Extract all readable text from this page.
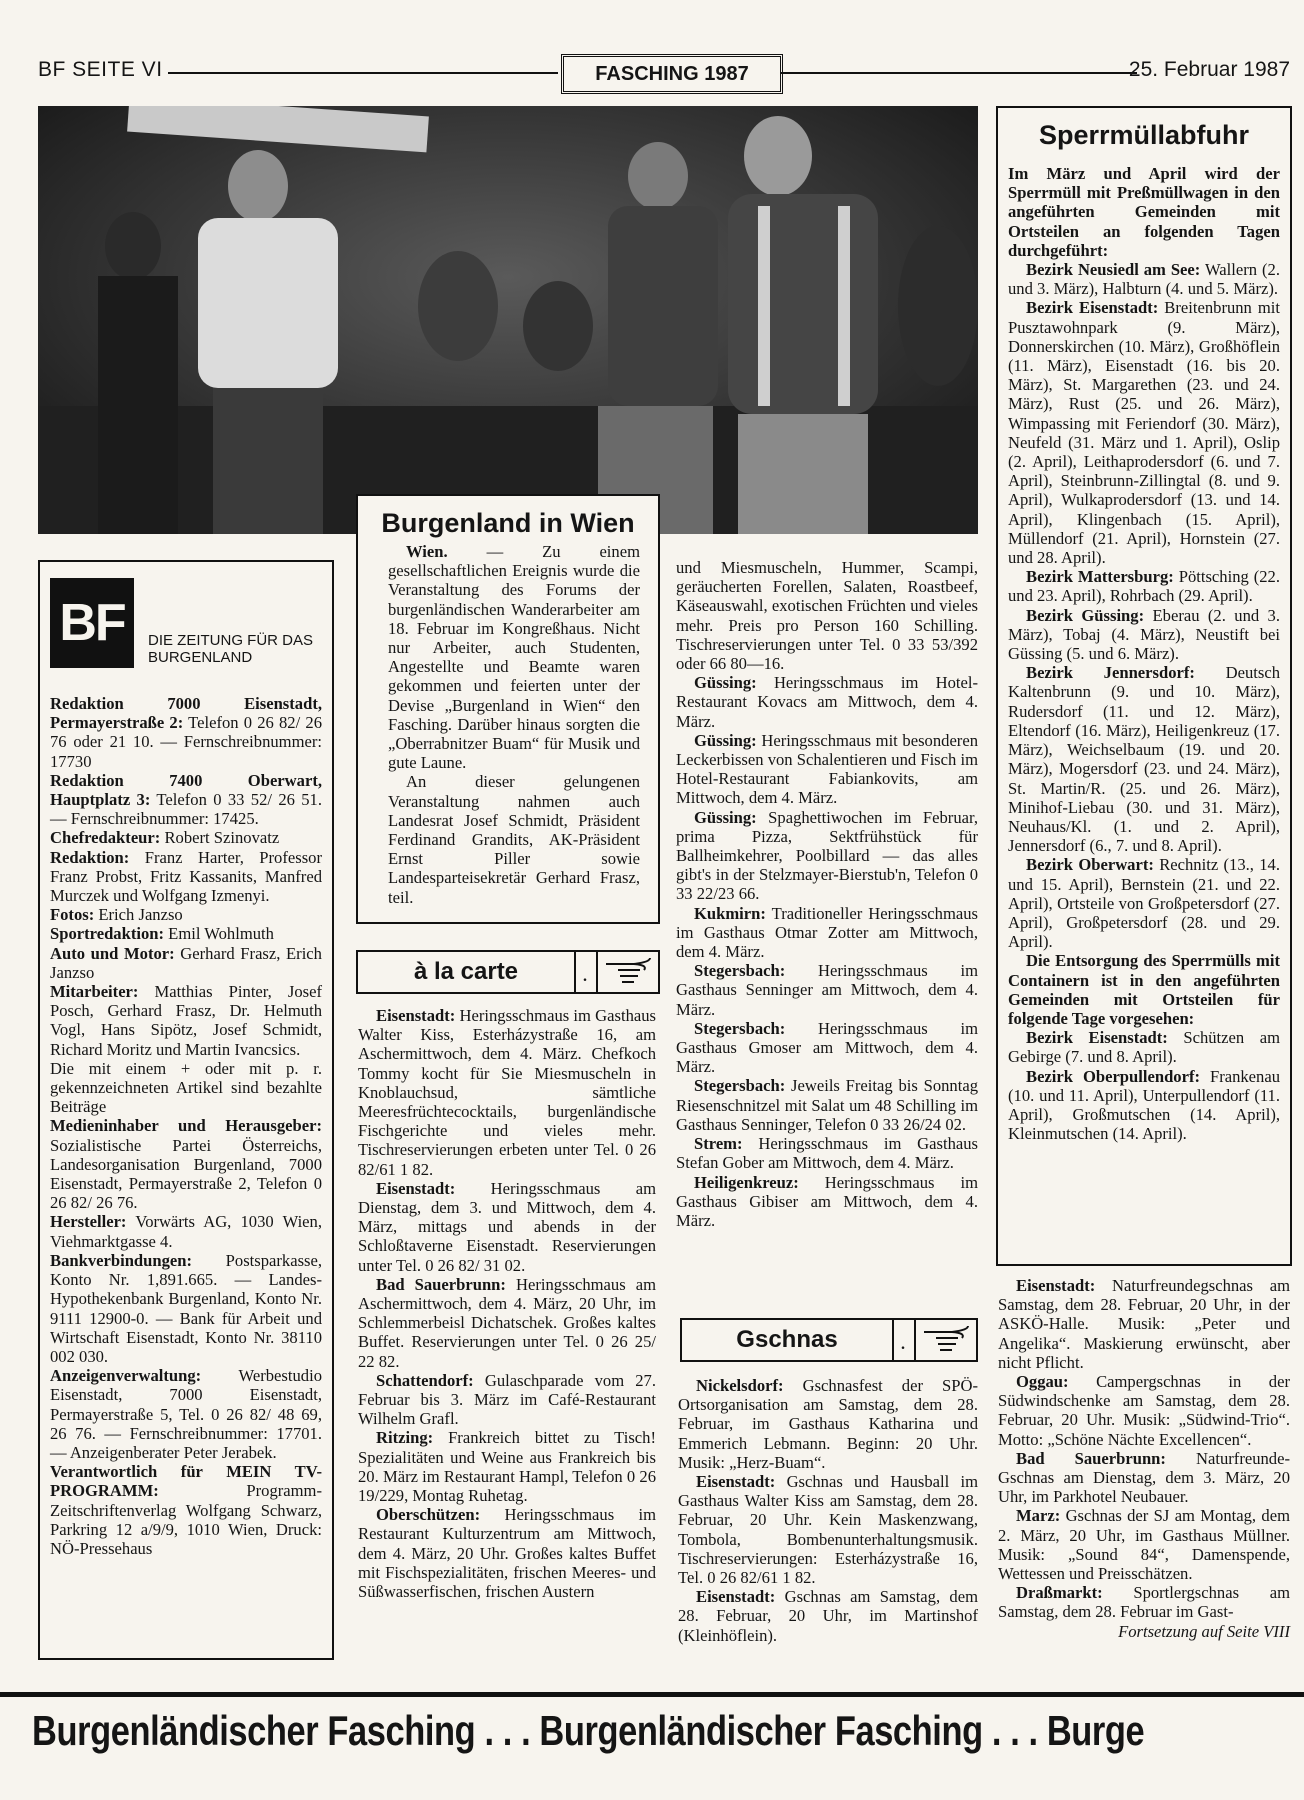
BF SEITE VI	FASCHING 1987	25. Februar 1987
BF	DIE ZEITUNG FÜR DAS BURGENLAND

Redaktion 7000 Eisenstadt, Permayerstraße 2: Telefon 0 26 82/ 26 76 oder 21 10. — Fernschreibnummer: 17730

Redaktion 7400 Oberwart, Hauptplatz 3: Telefon 0 33 52/ 26 51. — Fernschreibnummer: 17425.

Chefredakteur: Robert Szinovatz

Redaktion: Franz Harter, Professor Franz Probst, Fritz Kassanits, Manfred Murczek und Wolfgang Izmenyi.

Fotos: Erich Janzso

Sportredaktion: Emil Wohlmuth

Auto und Motor: Gerhard Frasz, Erich Janzso

Mitarbeiter: Matthias Pinter, Josef Posch, Gerhard Frasz, Dr. Helmuth Vogl, Hans Sipötz, Josef Schmidt, Richard Moritz und Martin Ivancsics.

Die mit einem + oder mit p. r. gekennzeichneten Artikel sind bezahlte Beiträge

Medieninhaber und Herausgeber: Sozialistische Partei Österreichs, Landesorganisation Burgenland, 7000 Eisenstadt, Permayerstraße 2, Telefon 0 26 82/ 26 76.

Hersteller: Vorwärts AG, 1030 Wien, Viehmarktgasse 4.

Bankverbindungen: Postsparkasse, Konto Nr. 1,891.665. — Landes-Hypothekenbank Burgenland, Konto Nr. 9111 12900-0. — Bank für Arbeit und Wirtschaft Eisenstadt, Konto Nr. 38110 002 030.

Anzeigenverwaltung: Werbestudio Eisenstadt, 7000 Eisenstadt, Permayerstraße 5, Tel. 0 26 82/ 48 69, 26 76. — Fernschreibnummer: 17701. — Anzeigenberater Peter Jerabek.

Verantwortlich für MEIN TV-PROGRAMM: Programm-Zeitschriftenverlag Wolfgang Schwarz, Parkring 12 a/9/9, 1010 Wien, Druck: NÖ-Pressehaus

Burgenland in Wien

Wien. — Zu einem gesellschaftlichen Ereignis wurde die Veranstaltung des Forums der burgenländischen Wanderarbeiter am 18. Februar im Kongreßhaus. Nicht nur Arbeiter, auch Studenten, Angestellte und Beamte waren gekommen und feierten unter der Devise „Burgenland in Wien“ den Fasching. Darüber hinaus sorgten die „Oberrabnitzer Buam“ für Musik und gute Laune.

An dieser gelungenen Veranstaltung nahmen auch Landesrat Josef Schmidt, Präsident Ferdinand Grandits, AK-Präsident Ernst Piller sowie Landesparteisekretär Gerhard Frasz, teil.

à la carte	.

Eisenstadt: Heringsschmaus im Gasthaus Walter Kiss, Esterházystraße 16, am Aschermittwoch, dem 4. März. Chefkoch Tommy kocht für Sie Miesmuscheln in Knoblauchsud, sämtliche Meeresfrüchtecocktails, burgenländische Fischgerichte und vieles mehr. Tischreservierungen erbeten unter Tel. 0 26 82/61 1 82.

Eisenstadt: Heringsschmaus am Dienstag, dem 3. und Mittwoch, dem 4. März, mittags und abends in der Schloßtaverne Eisenstadt. Reservierungen unter Tel. 0 26 82/ 31 02.

Bad Sauerbrunn: Heringsschmaus am Aschermittwoch, dem 4. März, 20 Uhr, im Schlemmerbeisl Dichatschek. Großes kaltes Buffet. Reservierungen unter Tel. 0 26 25/ 22 82.

Schattendorf: Gulaschparade vom 27. Februar bis 3. März im Café-Restaurant Wilhelm Grafl.

Ritzing: Frankreich bittet zu Tisch! Spezialitäten und Weine aus Frankreich bis 20. März im Restaurant Hampl, Telefon 0 26 19/229, Montag Ruhetag.

Oberschützen: Heringsschmaus im Restaurant Kulturzentrum am Mittwoch, dem 4. März, 20 Uhr. Großes kaltes Buffet mit Fischspezialitäten, frischen Meeres- und Süßwasserfischen, frischen Austern

und Miesmuscheln, Hummer, Scampi, geräucherten Forellen, Salaten, Roastbeef, Käseauswahl, exotischen Früchten und vieles mehr. Preis pro Person 160 Schilling. Tischreservierungen unter Tel. 0 33 53/392 oder 66 80—16.

Güssing: Heringsschmaus im Hotel-Restaurant Kovacs am Mittwoch, dem 4. März.

Güssing: Heringsschmaus mit besonderen Leckerbissen von Schalentieren und Fisch im Hotel-Restaurant Fabiankovits, am Mittwoch, dem 4. März.

Güssing: Spaghettiwochen im Februar, prima Pizza, Sektfrühstück für Ballheimkehrer, Poolbillard — das alles gibt's in der Stelzmayer-Bierstub'n, Telefon 0 33 22/23 66.

Kukmirn: Traditioneller Heringsschmaus im Gasthaus Otmar Zotter am Mittwoch, dem 4. März.

Stegersbach: Heringsschmaus im Gasthaus Senninger am Mittwoch, dem 4. März.

Stegersbach: Heringsschmaus im Gasthaus Gmoser am Mittwoch, dem 4. März.

Stegersbach: Jeweils Freitag bis Sonntag Riesenschnitzel mit Salat um 48 Schilling im Gasthaus Senninger, Telefon 0 33 26/24 02.

Strem: Heringsschmaus im Gasthaus Stefan Gober am Mittwoch, dem 4. März.

Heiligenkreuz: Heringsschmaus im Gasthaus Gibiser am Mittwoch, dem 4. März.

Gschnas	.

Nickelsdorf: Gschnasfest der SPÖ-Ortsorganisation am Samstag, dem 28. Februar, im Gasthaus Katharina und Emmerich Lebmann. Beginn: 20 Uhr. Musik: „Herz-Buam“.

Eisenstadt: Gschnas und Hausball im Gasthaus Walter Kiss am Samstag, dem 28. Februar, 20 Uhr. Kein Maskenzwang, Tombola, Bombenunterhaltungsmusik. Tischreservierungen: Esterházystraße 16, Tel. 0 26 82/61 1 82.

Eisenstadt: Gschnas am Samstag, dem 28. Februar, 20 Uhr, im Martinshof (Kleinhöflein).

Sperrmüllabfuhr

Im März und April wird der Sperrmüll mit Preßmüllwagen in den angeführten Gemeinden mit Ortsteilen an folgenden Tagen durchgeführt:

Bezirk Neusiedl am See: Wallern (2. und 3. März), Halbturn (4. und 5. März).

Bezirk Eisenstadt: Breitenbrunn mit Pusztawohnpark (9. März), Donnerskirchen (10. März), Großhöflein (11. März), Eisenstadt (16. bis 20. März), St. Margarethen (23. und 24. März), Rust (25. und 26. März), Wimpassing mit Feriendorf (30. März), Neufeld (31. März und 1. April), Oslip (2. April), Leithaprodersdorf (6. und 7. April), Steinbrunn-Zillingtal (8. und 9. April), Wulkaprodersdorf (13. und 14. April), Klingenbach (15. April), Müllendorf (21. April), Hornstein (27. und 28. April).

Bezirk Mattersburg: Pöttsching (22. und 23. April), Rohrbach (29. April).

Bezirk Güssing: Eberau (2. und 3. März), Tobaj (4. März), Neustift bei Güssing (5. und 6. März).

Bezirk Jennersdorf: Deutsch Kaltenbrunn (9. und 10. März), Rudersdorf (11. und 12. März), Eltendorf (16. März), Heiligenkreuz (17. März), Weichselbaum (19. und 20. März), Mogersdorf (23. und 24. März), St. Martin/R. (25. und 26. März), Minihof-Liebau (30. und 31. März), Neuhaus/Kl. (1. und 2. April), Jennersdorf (6., 7. und 8. April).

Bezirk Oberwart: Rechnitz (13., 14. und 15. April), Bernstein (21. und 22. April), Ortsteile von Großpetersdorf (27. April), Großpetersdorf (28. und 29. April).

Die Entsorgung des Sperrmülls mit Containern ist in den angeführten Gemeinden mit Ortsteilen für folgende Tage vorgesehen:

Bezirk Eisenstadt: Schützen am Gebirge (7. und 8. April).

Bezirk Oberpullendorf: Frankenau (10. und 11. April), Unterpullendorf (11. April), Großmutschen (14. April), Kleinmutschen (14. April).

Eisenstadt: Naturfreundegschnas am Samstag, dem 28. Februar, 20 Uhr, in der ASKÖ-Halle. Musik: „Peter und Angelika“. Maskierung erwünscht, aber nicht Pflicht.

Oggau: Campergschnas in der Südwindschenke am Samstag, dem 28. Februar, 20 Uhr. Musik: „Südwind-Trio“. Motto: „Schöne Nächte Excellencen“.

Bad Sauerbrunn: Naturfreunde-Gschnas am Dienstag, dem 3. März, 20 Uhr, im Parkhotel Neubauer.

Marz: Gschnas der SJ am Montag, dem 2. März, 20 Uhr, im Gasthaus Müllner. Musik: „Sound 84“, Damenspende, Wettessen und Preisschätzen.

Draßmarkt: Sportlergschnas am Samstag, dem 28. Februar im Gast-

Fortsetzung auf Seite VIII

Burgenländischer Fasching . . . Burgenländischer Fasching . . . Burge
